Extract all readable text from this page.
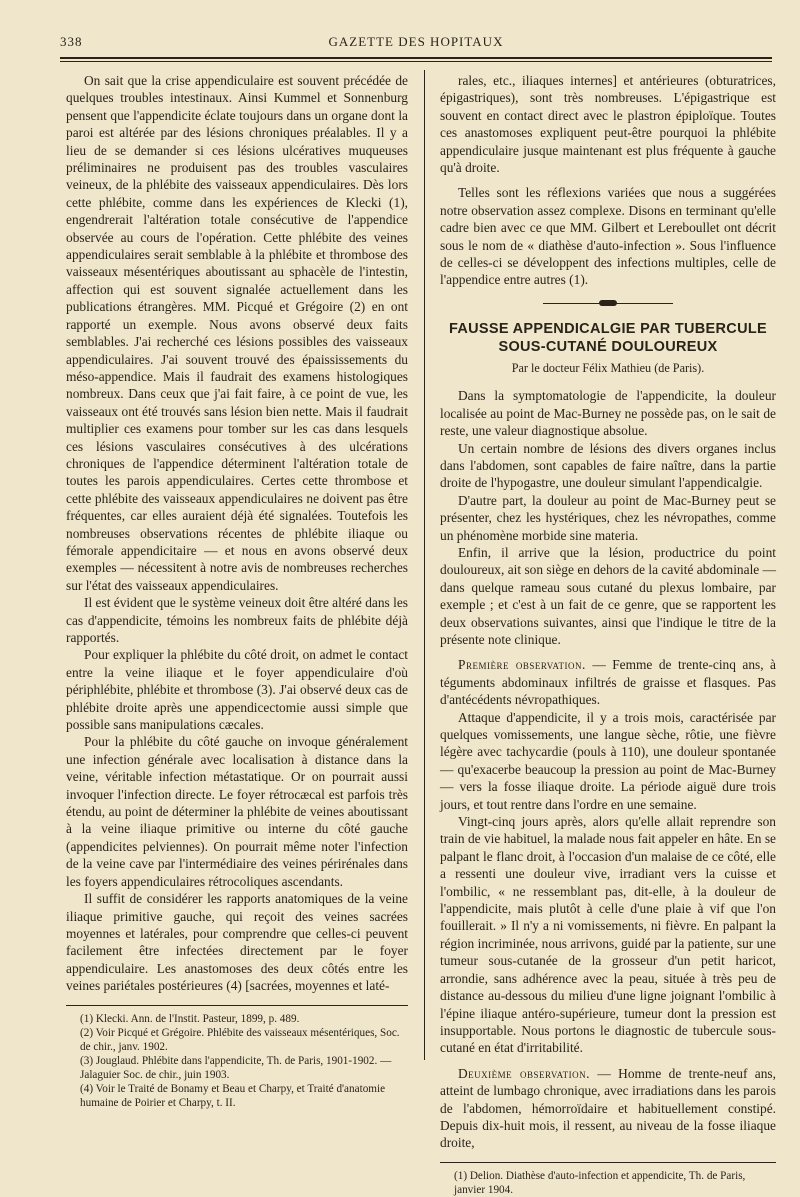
338	GAZETTE DES HOPITAUX

On sait que la crise appendiculaire est souvent précédée de quelques troubles intestinaux. Ainsi Kummel et Sonnenburg pensent que l'appendicite éclate toujours dans un organe dont la paroi est altérée par des lésions chroniques préalables. Il y a lieu de se demander si ces lésions ulcératives muqueuses préliminaires ne produisent pas des troubles vasculaires veineux, de la phlébite des vaisseaux appendiculaires. Dès lors cette phlébite, comme dans les expériences de Klecki (1), engendrerait l'altération totale consécutive de l'appendice observée au cours de l'opération. Cette phlébite des veines appendiculaires serait semblable à la phlébite et thrombose des vaisseaux mésentériques aboutissant au sphacèle de l'intestin, affection qui est souvent signalée actuellement dans les publications étrangères. MM. Picqué et Grégoire (2) en ont rapporté un exemple. Nous avons observé deux faits semblables. J'ai recherché ces lésions possibles des vaisseaux appendiculaires. J'ai souvent trouvé des épaississements du méso-appendice. Mais il faudrait des examens histologiques nombreux. Dans ceux que j'ai fait faire, à ce point de vue, les vaisseaux ont été trouvés sans lésion bien nette. Mais il faudrait multiplier ces examens pour tomber sur les cas dans lesquels ces lésions vasculaires consécutives à des ulcérations chroniques de l'appendice déterminent l'altération totale de toutes les parois appendiculaires. Certes cette thrombose et cette phlébite des vaisseaux appendiculaires ne doivent pas être fréquentes, car elles auraient déjà été signalées. Toutefois les nombreuses observations récentes de phlébite iliaque ou fémorale appendicitaire — et nous en avons observé deux exemples — nécessitent à notre avis de nombreuses recherches sur l'état des vaisseaux appendiculaires.

Il est évident que le système veineux doit être altéré dans les cas d'appendicite, témoins les nombreux faits de phlébite déjà rapportés.

Pour expliquer la phlébite du côté droit, on admet le contact entre la veine iliaque et le foyer appendiculaire d'où périphlébite, phlébite et thrombose (3). J'ai observé deux cas de phlébite droite après une appendicectomie aussi simple que possible sans manipulations cæcales.

Pour la phlébite du côté gauche on invoque généralement une infection générale avec localisation à distance dans la veine, véritable infection métastatique. Or on pourrait aussi invoquer l'infection directe. Le foyer rétrocæcal est parfois très étendu, au point de déterminer la phlébite de veines aboutissant à la veine iliaque primitive ou interne du côté gauche (appendicites pelviennes). On pourrait même noter l'infection de la veine cave par l'intermédiaire des veines périrénales dans les foyers appendiculaires rétrocoliques ascendants.

Il suffit de considérer les rapports anatomiques de la veine iliaque primitive gauche, qui reçoit des veines sacrées moyennes et latérales, pour comprendre que celles-ci peuvent facilement être infectées directement par le foyer appendiculaire. Les anastomoses des deux côtés entre les veines pariétales postérieures (4) [sacrées, moyennes et laté-

(1) Klecki. Ann. de l'Instit. Pasteur, 1899, p. 489.

(2) Voir Picqué et Grégoire. Phlébite des vaisseaux mésentériques, Soc. de chir., janv. 1902.

(3) Jouglaud. Phlébite dans l'appendicite, Th. de Paris, 1901-1902. — Jalaguier Soc. de chir., juin 1903.

(4) Voir le Traité de Bonamy et Beau et Charpy, et Traité d'anatomie humaine de Poirier et Charpy, t. II.

rales, etc., iliaques internes] et antérieures (obturatrices, épigastriques), sont très nombreuses. L'épigastrique est souvent en contact direct avec le plastron épiploïque. Toutes ces anastomoses expliquent peut-être pourquoi la phlébite appendiculaire jusque maintenant est plus fréquente à gauche qu'à droite.

Telles sont les réflexions variées que nous a suggérées notre observation assez complexe. Disons en terminant qu'elle cadre bien avec ce que MM. Gilbert et Lereboullet ont décrit sous le nom de « diathèse d'auto-infection ». Sous l'influence de celles-ci se développent des infections multiples, celle de l'appendice entre autres (1).

FAUSSE APPENDICALGIE PAR TUBERCULE
SOUS-CUTANÉ DOULOUREUX
Par le docteur Félix Mathieu (de Paris).

Dans la symptomatologie de l'appendicite, la douleur localisée au point de Mac-Burney ne possède pas, on le sait de reste, une valeur diagnostique absolue.

Un certain nombre de lésions des divers organes inclus dans l'abdomen, sont capables de faire naître, dans la partie droite de l'hypogastre, une douleur simulant l'appendicalgie.

D'autre part, la douleur au point de Mac-Burney peut se présenter, chez les hystériques, chez les névropathes, comme un phénomène morbide sine materia.

Enfin, il arrive que la lésion, productrice du point douloureux, ait son siège en dehors de la cavité abdominale — dans quelque rameau sous cutané du plexus lombaire, par exemple ; et c'est à un fait de ce genre, que se rapportent les deux observations suivantes, ainsi que l'indique le titre de la présente note clinique.

Première observation. — Femme de trente-cinq ans, à téguments abdominaux infiltrés de graisse et flasques. Pas d'antécédents névropathiques.

Attaque d'appendicite, il y a trois mois, caractérisée par quelques vomissements, une langue sèche, rôtie, une fièvre légère avec tachycardie (pouls à 110), une douleur spontanée — qu'exacerbe beaucoup la pression au point de Mac-Burney — vers la fosse iliaque droite. La période aiguë dure trois jours, et tout rentre dans l'ordre en une semaine.

Vingt-cinq jours après, alors qu'elle allait reprendre son train de vie habituel, la malade nous fait appeler en hâte. En se palpant le flanc droit, à l'occasion d'un malaise de ce côté, elle a ressenti une douleur vive, irradiant vers la cuisse et l'ombilic, « ne ressemblant pas, dit-elle, à la douleur de l'appendicite, mais plutôt à celle d'une plaie à vif que l'on fouillerait. » Il n'y a ni vomissements, ni fièvre. En palpant la région incriminée, nous arrivons, guidé par la patiente, sur une tumeur sous-cutanée de la grosseur d'un petit haricot, arrondie, sans adhérence avec la peau, située à très peu de distance au-dessous du milieu d'une ligne joignant l'ombilic à l'épine iliaque antéro-supérieure, tumeur dont la pression est insupportable. Nous portons le diagnostic de tubercule sous-cutané en état d'irritabilité.

Deuxième observation. — Homme de trente-neuf ans, atteint de lumbago chronique, avec irradiations dans les parois de l'abdomen, hémorroïdaire et habituellement constipé. Depuis dix-huit mois, il ressent, au niveau de la fosse iliaque droite,

(1) Delion. Diathèse d'auto-infection et appendicite, Th. de Paris, janvier 1904.
